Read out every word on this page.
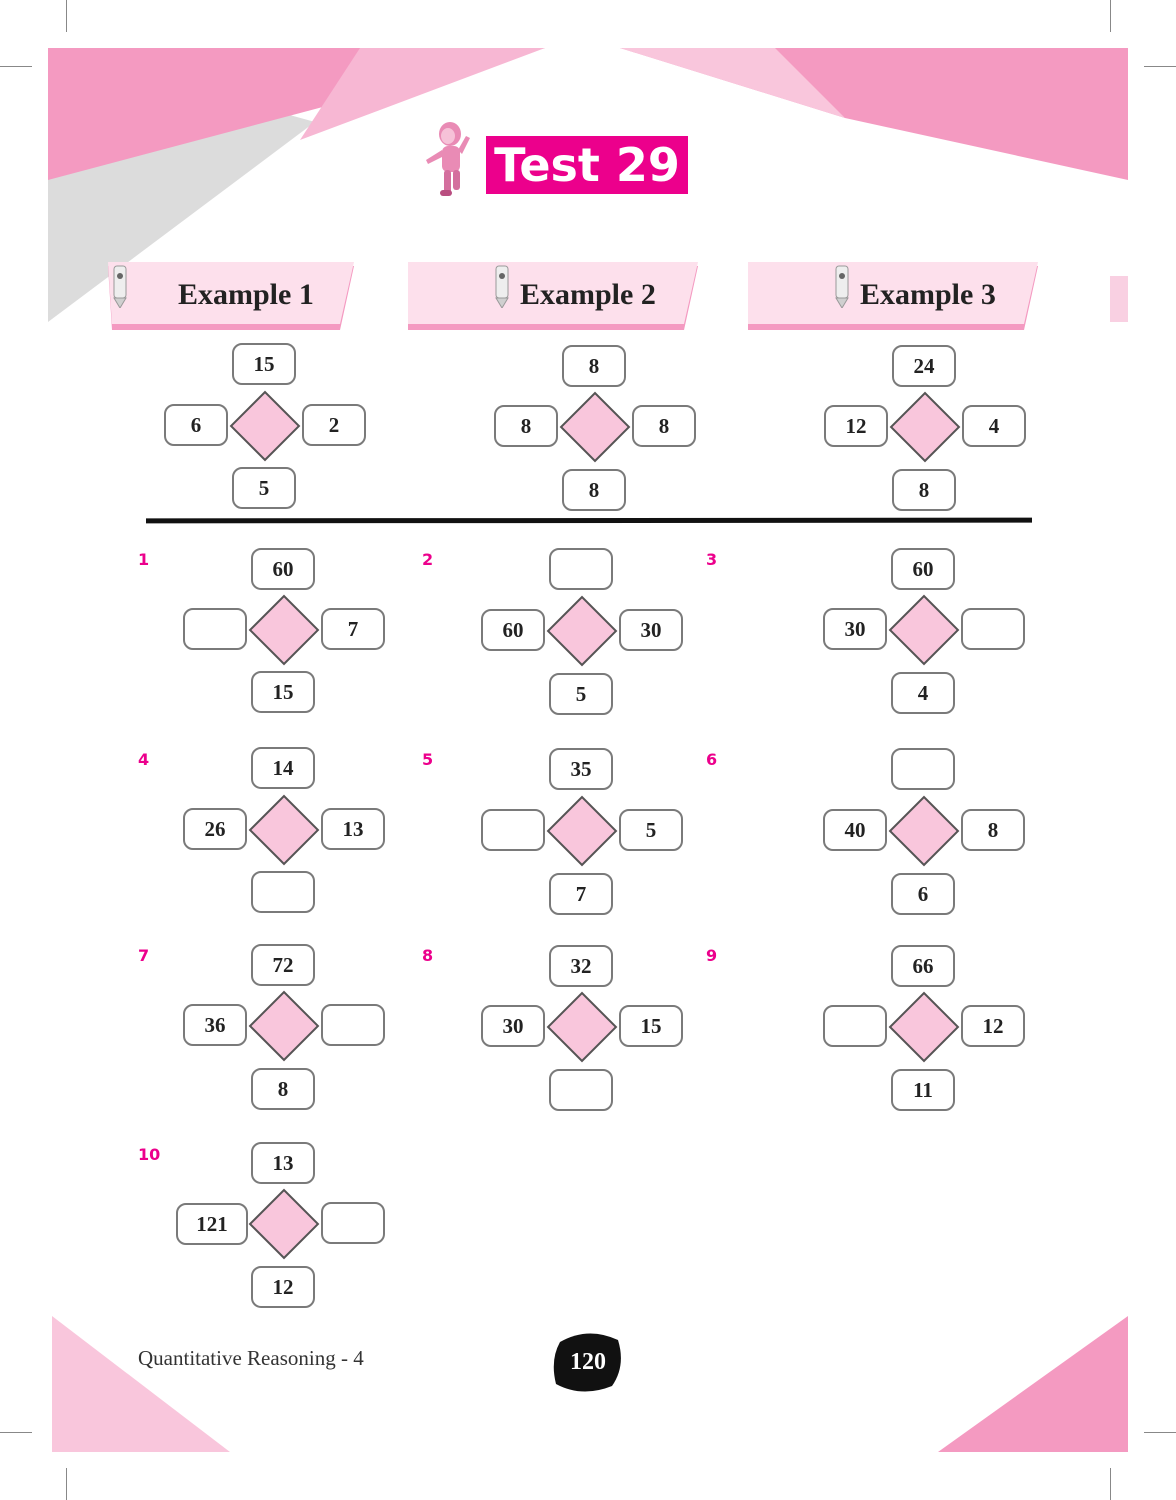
Test 29
Example 1	Example 2	Example 3
15
6	2
5
8
8	8
8
24
12	4
8
1	60
7
15
2
60	30
5
3	60
30
4
4	14
26	13
5	35
5
7
6
40	8
6
7	72
36
8
8	32
30	15
9	66
12
11
10	13
121
12
Quantitative Reasoning - 4	120
